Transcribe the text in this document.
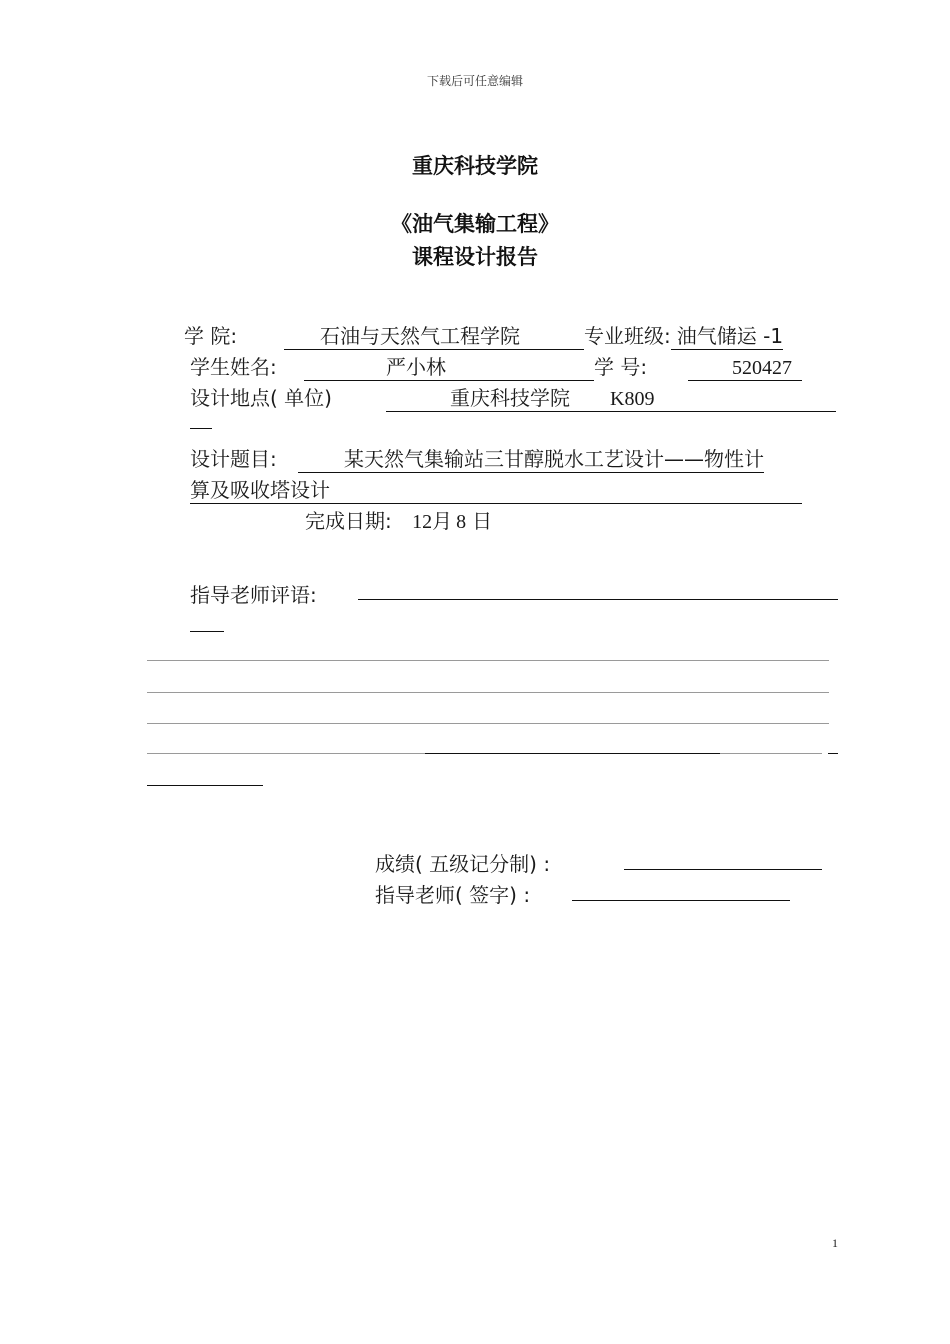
下载后可任意编辑
重庆科技学院
《油气集输工程》
课程设计报告
学 院:	石油与天然气工程学院	专业班级: 油气储运 -1
学生姓名:	严小林	学 号:	520427
设计地点( 单位)	重庆科技学院 K809
设计题目:	某天然气集输站三甘醇脱水工艺设计——物性计
算及吸收塔设计
完成日期: 12月 8 日
指导老师评语:
成绩( 五级记分制) :
指导老师( 签字) :
1
